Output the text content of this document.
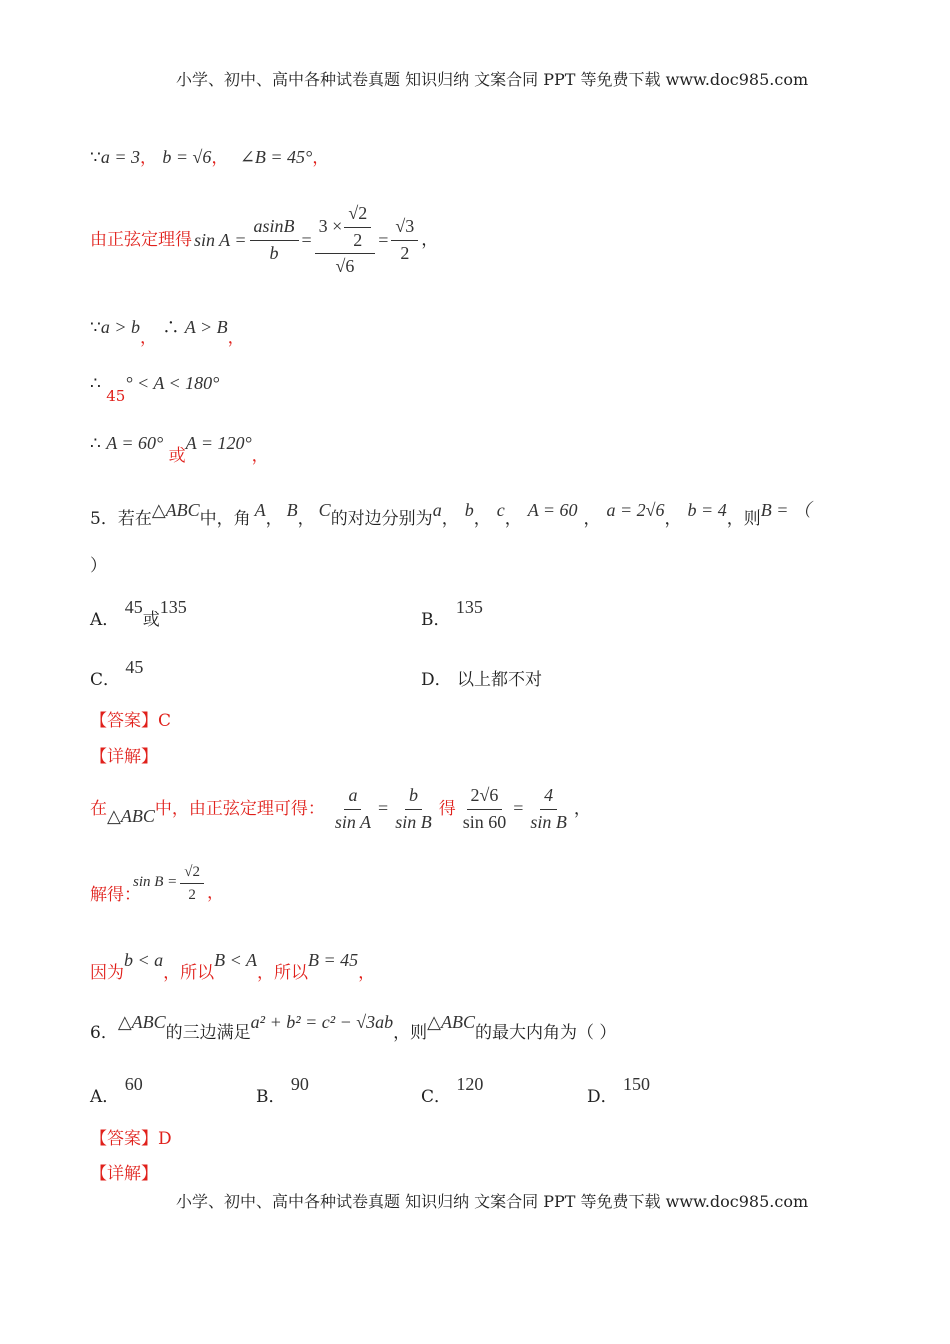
小学、初中、高中各种试卷真题 知识归纳 文案合同 PPT 等免费下载 www.doc985.com
∵a = 3， b = √6， ∠B = 45°，
由正弦定理得 $\sin A = \frac{asinB}{b} = \frac{3 \times \frac{√2}{2}}{√6} = \frac{√3}{2}$ ，
∵a > b， ∴ A > B，
∴ 45° < A < 180°
∴ A = 60° 或A = 120°，
5．若在△ABC中，角 A， B， C的对边分别为a， b， c， A = 60 ， a = 2√6， b = 4，则B = （
）
A． 45或135
B． 135
C． 45
D． 以上都不对
【答案】C
【详解】
在 △ABC 中，由正弦定理可得： $\frac{a}{\text{sin A}} = \frac{b}{\text{sin B}}$ 得 $\frac{2√6}{\sin 60} = \frac{4}{\text{sin B}}$ ，
解得：
$\sin B = \frac{√2}{2}$ ，
因为b < a，所以B < A，所以B = 45，
6．△ABC的三边满足a² + b² = c² − √3ab，则△ABC的最大内角为（ ）
A． 60
B． 90
C． 120
D． 150
【答案】D
【详解】
小学、初中、高中各种试卷真题 知识归纳 文案合同 PPT 等免费下载 www.doc985.com
